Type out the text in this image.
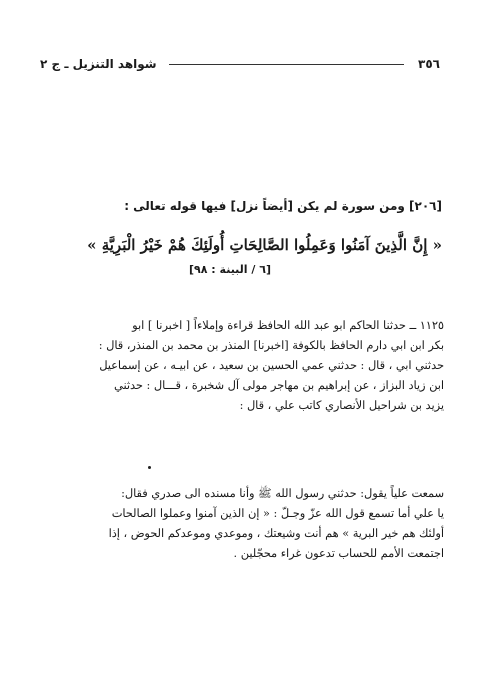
٣٥٦
شواهد التنزيل ـ ج ٢
[٢٠٦] ومن سورة لم يكن [أيضاً نزل] فيها قوله تعالى :
« إِنَّ الَّذِينَ آمَنُوا وَعَمِلُوا الصَّالِحَاتِ أُولَئِكَ هُمْ خَيْرُ الْبَرِيَّةِ »
[٦ / البينة : ٩٨]
١١٢٥ ــ حدثنا الحاكم ابو عبد الله الحافظ قراءة وإملاءاً [ اخبرنا ] ابو
بكر ابن ابي دارم الحافظ بالكوفة [اخبرنا] المنذر بن محمد بن المنذر، قال :
حدثني ابي ، قال : حدثني عمي الحسين بن سعيد ، عن ابيـه ، عن إسماعيل
ابن زياد البزاز ، عن إبراهيم بن مهاجر مولى آل شخبرة ، قـــال : حدثني
يزيد بن شراحيل الأنصاري كاتب علي ، قال :
سمعت علياً يقول: حدثني رسول الله ﷺ وأنا مسنده الى صدري فقال:
يا علي أما تسمع قول الله عزّ وجـلّ : « إن الذين آمنوا وعملوا الصالحات
أولئك هم خير البرية » هم أنت وشيعتك ، وموعدي وموعدكم الحوض ، إذا
اجتمعت الأمم للحساب تدعون غراء محجّلين .
